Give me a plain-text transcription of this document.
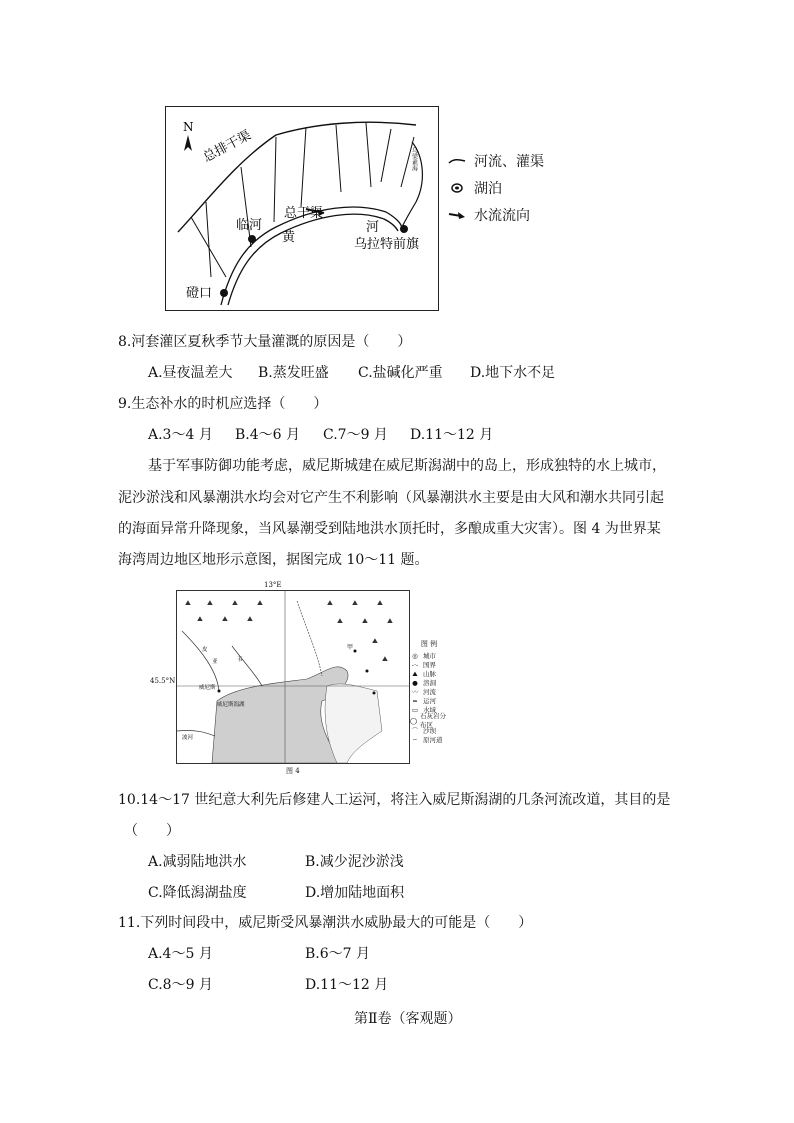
N
总排干渠
总干渠
临河
黄
河
乌拉特前旗
磴口
乌梁素海	河流、灌渠
湖泊
水流流向
8.河套灌区夏秋季节大量灌溉的原因是（　　）
A.昼夜温差大 B.蒸发旺盛 C.盐碱化严重 D.地下水不足
9.生态补水的时机应选择（　　）
A.3～4 月 B.4～6 月 C.7～9 月 D.11～12 月
基于军事防御功能考虑，威尼斯城建在威尼斯潟湖中的岛上，形成独特的水上城市，
泥沙淤浅和风暴潮洪水均会对它产生不利影响（风暴潮洪水主要是由大风和潮水共同引起
的海面异常升降现象，当风暴潮受到陆地洪水顶托时，多酿成重大灾害）。图 4 为世界某
海湾周边地区地形示意图，据图完成 10～11 题。
13°E
45.5°N
⛰ ⛰	⛰	⛰
⛰	⛰	⛰
⛰	⛰	⛰
⛰	⛰	⛰
⛰
⛰
甲
威尼斯
威尼斯潟湖
波河
皮
亚	韦
图 例
◎ 城市
-·- 国界
⛰ 山脉
● 溶洞
〰 河流
═ 运河
▭ 水域
◯
石灰岩分布区
⌒ 沙坝
╌ 原河道
图 4
10.14～17 世纪意大利先后修建人工运河，将注入威尼斯潟湖的几条河流改道，其目的是
（　　）
A.减弱陆地洪水	B.减少泥沙淤浅
C.降低潟湖盐度	D.增加陆地面积
11.下列时间段中，威尼斯受风暴潮洪水威胁最大的可能是（　　）
A.4～5 月	B.6～7 月
C.8～9 月	D.11～12 月
第Ⅱ卷（客观题）
